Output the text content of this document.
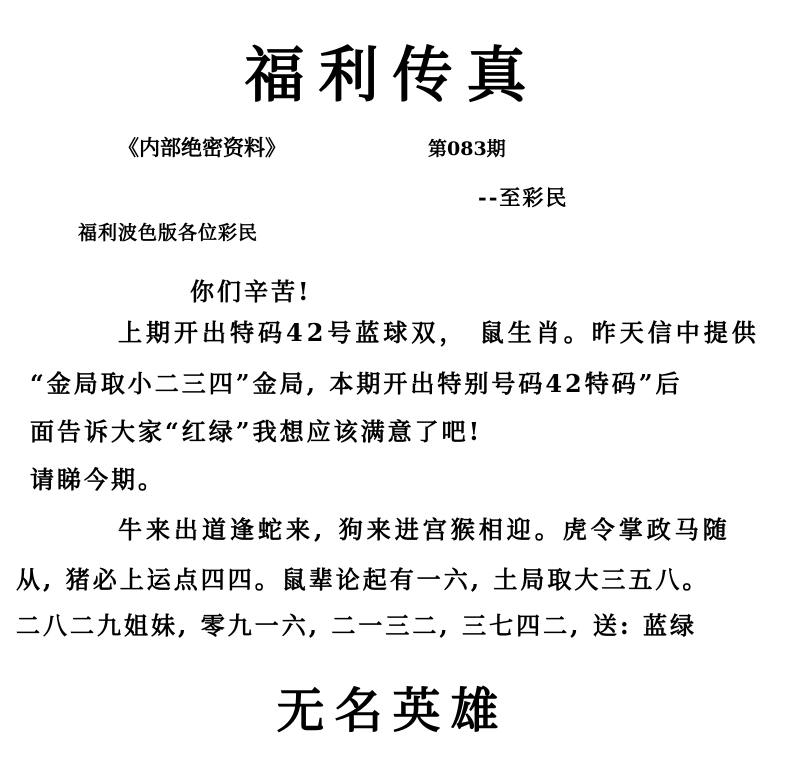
福利传真
《内部绝密资料》	第083期
--至彩民
福利波色版各位彩民
你们辛苦!
上期开出特码42号蓝球双， 鼠生肖。昨天信中提供
“金局取小二三四”金局, 本期开出特别号码42特码”后
面告诉大家“红绿”我想应该满意了吧!
请睇今期。
牛来出道逢蛇来, 狗来进宫猴相迎。虎令掌政马随
从, 猪必上运点四四。鼠辈论起有一六, 土局取大三五八。
二八二九姐妹, 零九一六, 二一三二, 三七四二, 送: 蓝绿
无名英雄
